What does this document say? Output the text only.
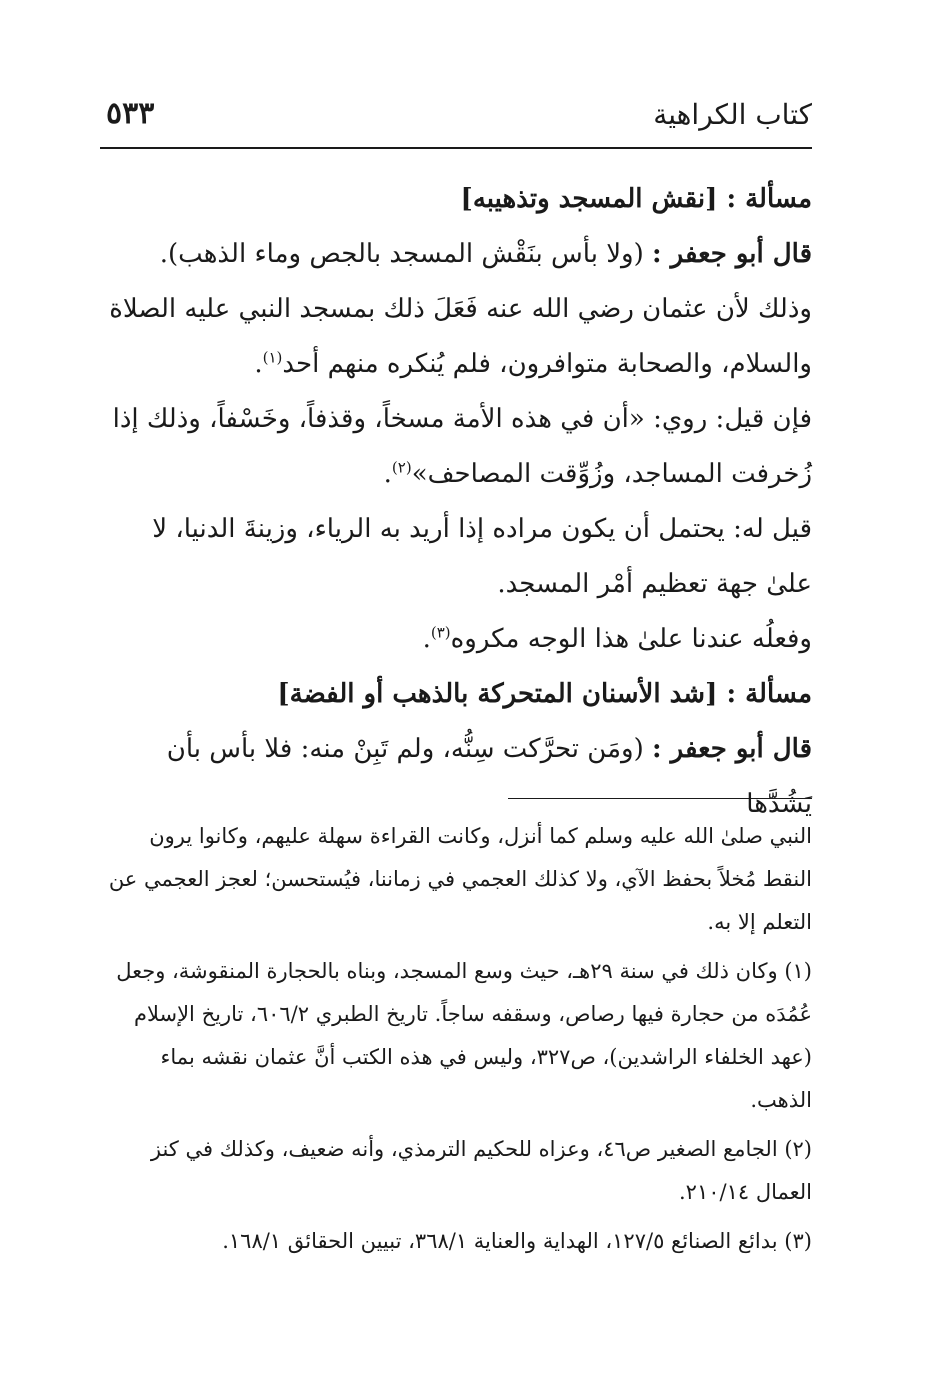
كتاب الكراهية
٥٣٣

مسألة : [نقش المسجد وتذهيبه]

قال أبو جعفر : (ولا بأس بنَقْش المسجد بالجص وماء الذهب).

وذلك لأن عثمان رضي الله عنه فَعَلَ ذلك بمسجد النبي عليه الصلاة والسلام، والصحابة متوافرون، فلم يُنكره منهم أحد$^{(١)}$.

فإن قيل: روي: «أن في هذه الأمة مسخاً، وقذفاً، وخَسْفاً، وذلك إذا زُخرفت المساجد، وزُوِّقت المصاحف»$^{(٢)}$.

قيل له: يحتمل أن يكون مراده إذا أريد به الرياء، وزينةَ الدنيا، لا علىٰ جهة تعظيم أمْر المسجد.

وفعلُه عندنا علىٰ هذا الوجه مكروه$^{(٣)}$.

مسألة : [شد الأسنان المتحركة بالذهب أو الفضة]

قال أبو جعفر : (ومَن تحرَّكت سِنُّه، ولم تَبِنْ منه: فلا بأس بأن يَشُدَّها

النبي صلىٰ الله عليه وسلم كما أنزل، وكانت القراءة سهلة عليهم، وكانوا يرون النقط مُخلاً بحفظ الآي، ولا كذلك العجمي في زماننا، فيُستحسن؛ لعجز العجمي عن التعلم إلا به.

(١) وكان ذلك في سنة ٢٩هـ، حيث وسع المسجد، وبناه بالحجارة المنقوشة، وجعل عُمُدَه من حجارة فيها رصاص، وسقفه ساجاً. تاريخ الطبري ٦٠٦/٢، تاريخ الإسلام (عهد الخلفاء الراشدين)، ص٣٢٧، وليس في هذه الكتب أنَّ عثمان نقشه بماء الذهب.

(٢) الجامع الصغير ص٤٦، وعزاه للحكيم الترمذي، وأنه ضعيف، وكذلك في كنز العمال ٢١٠/١٤.

(٣) بدائع الصنائع ١٢٧/٥، الهداية والعناية ٣٦٨/١، تبيين الحقائق ١٦٨/١.
